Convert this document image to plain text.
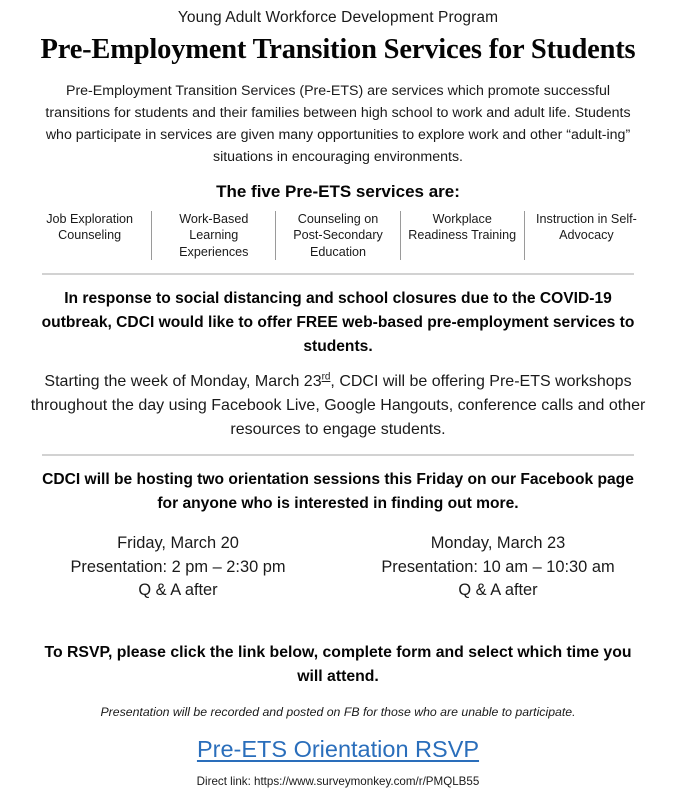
Young Adult Workforce Development Program
Pre-Employment Transition Services for Students
Pre-Employment Transition Services (Pre-ETS) are services which promote successful transitions for students and their families between high school to work and adult life. Students who participate in services are given many opportunities to explore work and other “adult-ing” situations in encouraging environments.
The five Pre-ETS services are:
Job Exploration Counseling
Work-Based Learning Experiences
Counseling on Post-Secondary Education
Workplace Readiness Training
Instruction in Self-Advocacy
In response to social distancing and school closures due to the COVID-19 outbreak, CDCI would like to offer FREE web-based pre-employment services to students.
Starting the week of Monday, March 23rd, CDCI will be offering Pre-ETS workshops throughout the day using Facebook Live, Google Hangouts, conference calls and other resources to engage students.
CDCI will be hosting two orientation sessions this Friday on our Facebook page for anyone who is interested in finding out more.
Friday, March 20
Presentation: 2 pm – 2:30 pm
Q & A after
Monday, March 23
Presentation: 10 am – 10:30 am
Q & A after
To RSVP, please click the link below, complete form and select which time you will attend.
Presentation will be recorded and posted on FB for those who are unable to participate.
Pre-ETS Orientation RSVP
Direct link: https://www.surveymonkey.com/r/PMQLB55
